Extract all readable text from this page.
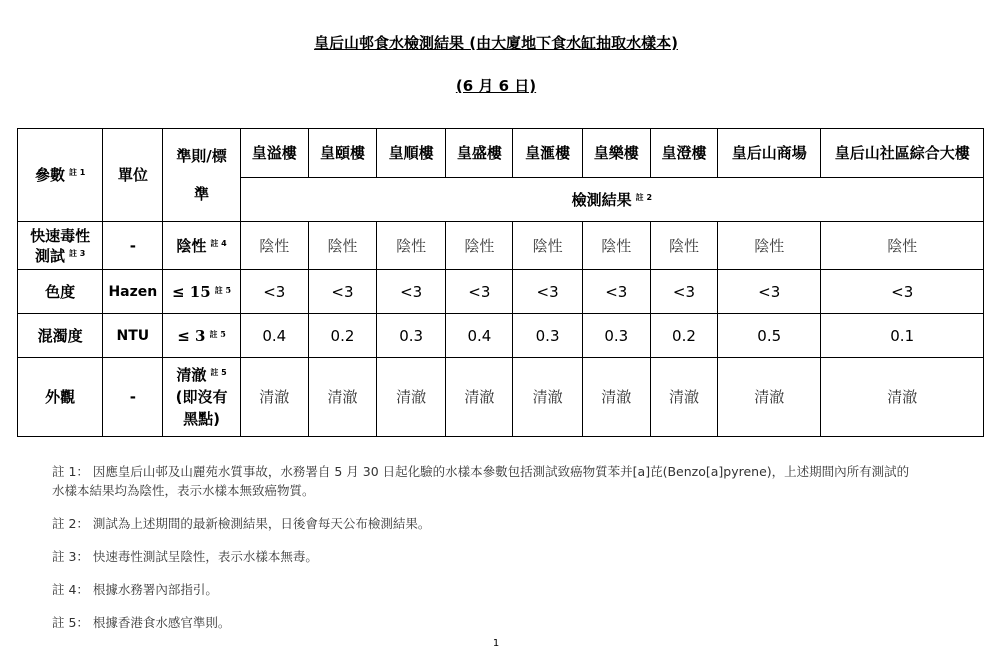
皇后山邨食水檢測結果 (由大廈地下食水缸抽取水樣本)
(6 月 6 日)
參數 $^{註 1}$	單位	準則/標
準	皇溢樓	皇頤樓	皇順樓	皇盛樓	皇滙樓	皇樂樓	皇澄樓	皇后山商場	皇后山社區綜合大樓
			檢測結果 $^{註 2}$

快速毒性
測試 $^{註 3}$	-	陰性 $^{註 4}$	陰性	陰性	陰性	陰性	陰性	陰性	陰性	陰性	陰性
色度	Hazen	≤ 15 $^{註 5}$	<3	<3	<3	<3	<3	<3	<3	<3	<3
混濁度	NTU	≤ 3 $^{註 5}$	0.4	0.2	0.3	0.4	0.3	0.3	0.2	0.5	0.1
外觀	-	清澈 $^{註 5}$
(即沒有
黑點)	清澈	清澈	清澈	清澈	清澈	清澈	清澈	清澈	清澈
註 1： 因應皇后山邨及山麗苑水質事故，水務署自 5 月 30 日起化驗的水樣本參數包括測試致癌物質苯并[a]芘(Benzo[a]pyrene)，上述期間內所有測試的水樣本結果均為陰性，表示水樣本無致癌物質。
註 2： 測試為上述期間的最新檢測結果，日後會每天公布檢測結果。
註 3： 快速毒性測試呈陰性，表示水樣本無毒。
註 4： 根據水務署內部指引。
註 5： 根據香港食水感官準則。
1
